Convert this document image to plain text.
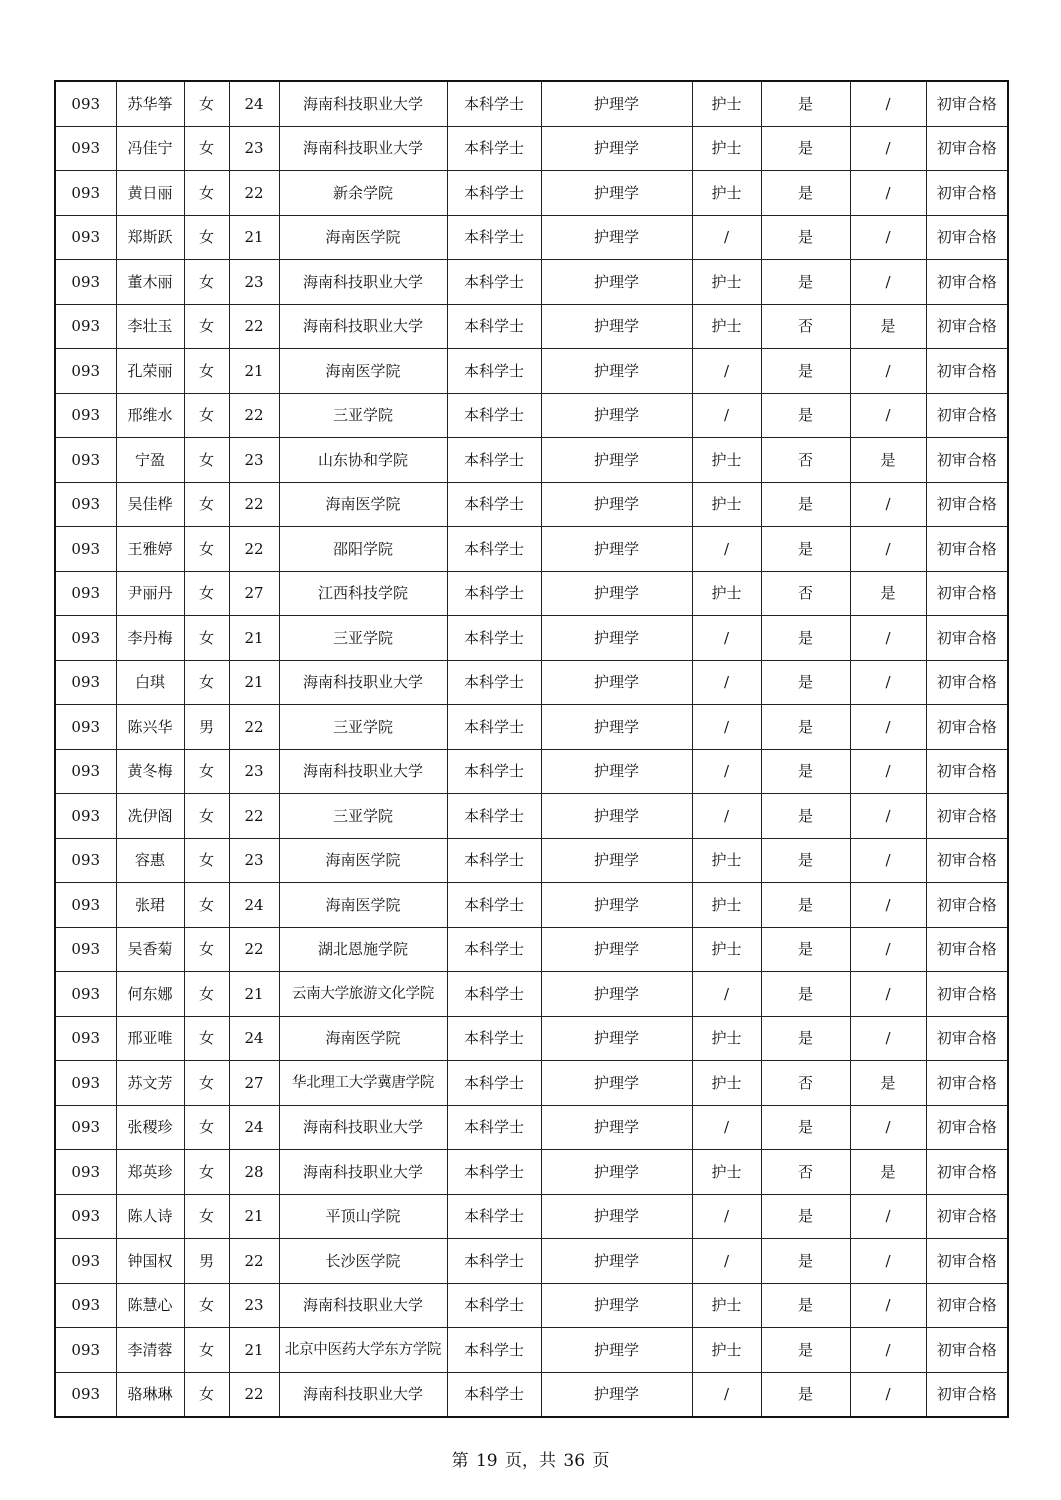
093	苏华筝	女	24	海南科技职业大学	本科学士	护理学	护士	是	/	初审合格
093	冯佳宁	女	23	海南科技职业大学	本科学士	护理学	护士	是	/	初审合格
093	黄日丽	女	22	新余学院	本科学士	护理学	护士	是	/	初审合格
093	郑斯跃	女	21	海南医学院	本科学士	护理学	/	是	/	初审合格
093	董木丽	女	23	海南科技职业大学	本科学士	护理学	护士	是	/	初审合格
093	李壮玉	女	22	海南科技职业大学	本科学士	护理学	护士	否	是	初审合格
093	孔荣丽	女	21	海南医学院	本科学士	护理学	/	是	/	初审合格
093	邢维水	女	22	三亚学院	本科学士	护理学	/	是	/	初审合格
093	宁盈	女	23	山东协和学院	本科学士	护理学	护士	否	是	初审合格
093	吴佳桦	女	22	海南医学院	本科学士	护理学	护士	是	/	初审合格
093	王雅婷	女	22	邵阳学院	本科学士	护理学	/	是	/	初审合格
093	尹丽丹	女	27	江西科技学院	本科学士	护理学	护士	否	是	初审合格
093	李丹梅	女	21	三亚学院	本科学士	护理学	/	是	/	初审合格
093	白琪	女	21	海南科技职业大学	本科学士	护理学	/	是	/	初审合格
093	陈兴华	男	22	三亚学院	本科学士	护理学	/	是	/	初审合格
093	黄冬梅	女	23	海南科技职业大学	本科学士	护理学	/	是	/	初审合格
093	冼伊阁	女	22	三亚学院	本科学士	护理学	/	是	/	初审合格
093	容惠	女	23	海南医学院	本科学士	护理学	护士	是	/	初审合格
093	张珺	女	24	海南医学院	本科学士	护理学	护士	是	/	初审合格
093	吴香菊	女	22	湖北恩施学院	本科学士	护理学	护士	是	/	初审合格
093	何东娜	女	21	云南大学旅游文化学院	本科学士	护理学	/	是	/	初审合格
093	邢亚唯	女	24	海南医学院	本科学士	护理学	护士	是	/	初审合格
093	苏文芳	女	27	华北理工大学冀唐学院	本科学士	护理学	护士	否	是	初审合格
093	张稷珍	女	24	海南科技职业大学	本科学士	护理学	/	是	/	初审合格
093	郑英珍	女	28	海南科技职业大学	本科学士	护理学	护士	否	是	初审合格
093	陈人诗	女	21	平顶山学院	本科学士	护理学	/	是	/	初审合格
093	钟国权	男	22	长沙医学院	本科学士	护理学	/	是	/	初审合格
093	陈慧心	女	23	海南科技职业大学	本科学士	护理学	护士	是	/	初审合格
093	李清蓉	女	21	北京中医药大学东方学院	本科学士	护理学	护士	是	/	初审合格
093	骆琳琳	女	22	海南科技职业大学	本科学士	护理学	/	是	/	初审合格
第 19 页，共 36 页
